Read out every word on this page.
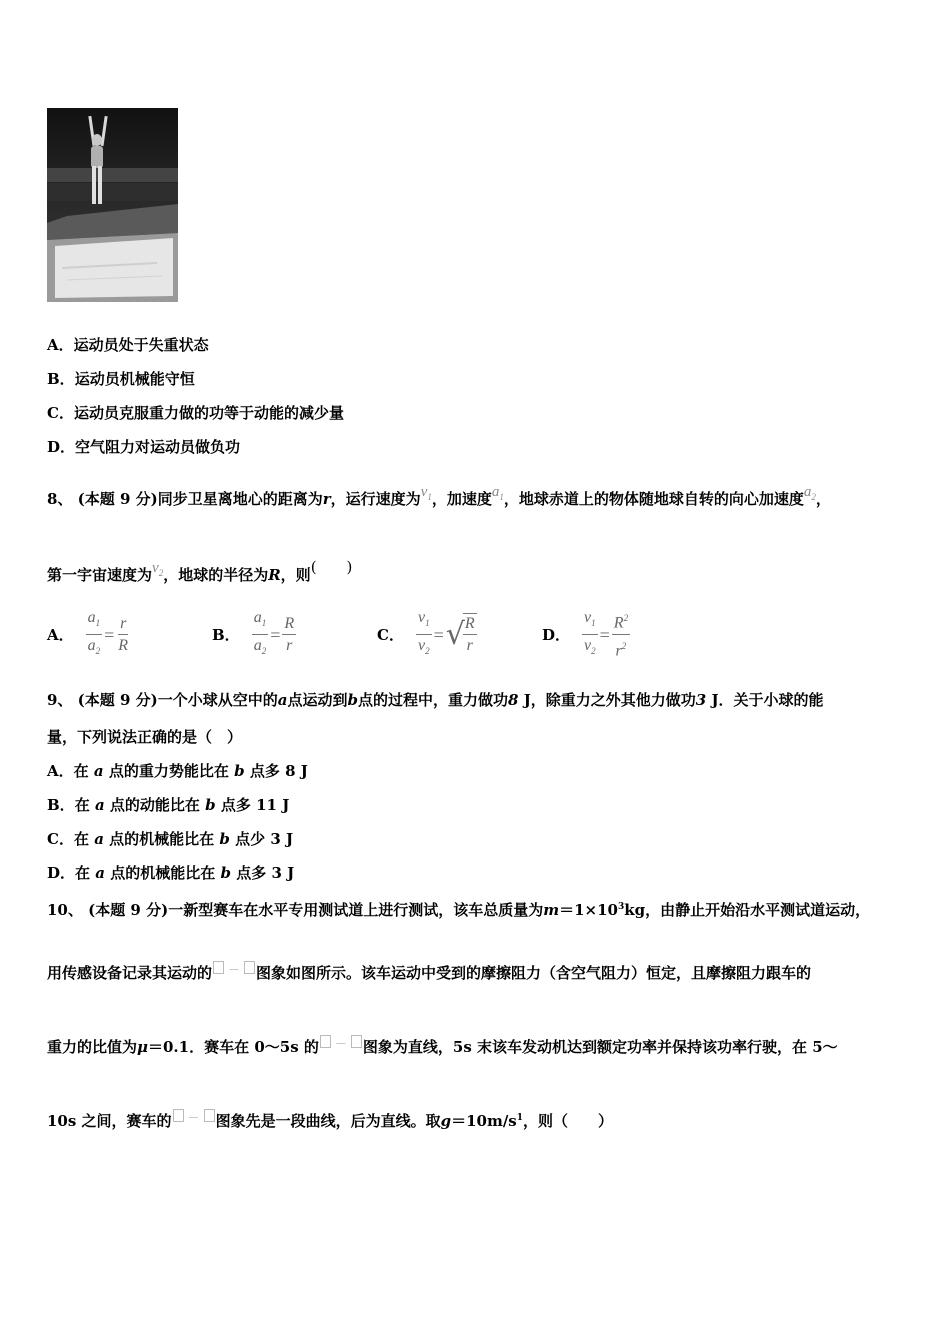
A．运动员处于失重状态
B．运动员机械能守恒
C．运动员克服重力做的功等于动能的减少量
D．空气阻力对运动员做负功
8、 (本题 9 分)同步卫星离地心的距离为r，运行速度为$v_1$，加速度$a_1$，地球赤道上的物体随地球自转的向心加速度$a_2$，
第一宇宙速度为$v_2$，地球的半径为R，则(　　)
A． $\frac{a_1}{a_2} = \frac{r}{R}$	B． $\frac{a_1}{a_2} = \frac{R}{r}$	C． $\frac{v_1}{v_2}$ = √
$\frac{R}{r}$	D． $\frac{v_1}{v_2} = \frac{R^2}{r^2}$
9、 (本题 9 分)一个小球从空中的a点运动到b点的过程中，重力做功8 J，除重力之外其他力做功3 J．关于小球的能
量，下列说法正确的是（　）
A．在 a 点的重力势能比在 b 点多 8 J
B．在 a 点的动能比在 b 点多 11 J
C．在 a 点的机械能比在 b 点少 3 J
D．在 a 点的机械能比在 b 点多 3 J
10、 (本题 9 分)一新型赛车在水平专用测试道上进行测试，该车总质量为$m=1\times 10^3kg$，由静止开始沿水平测试道运动，
用传感设备记录其运动的 － 图象如图所示。该车运动中受到的摩擦阻力（含空气阻力）恒定，且摩擦阻力跟车的
重力的比值为μ＝0.1．赛车在 0～5s 的 － 图象为直线，5s 末该车发动机达到额定功率并保持该功率行驶，在 5～
10s 之间，赛车的 － 图象先是一段曲线，后为直线。取$g=10m/s^1$，则（　　）
